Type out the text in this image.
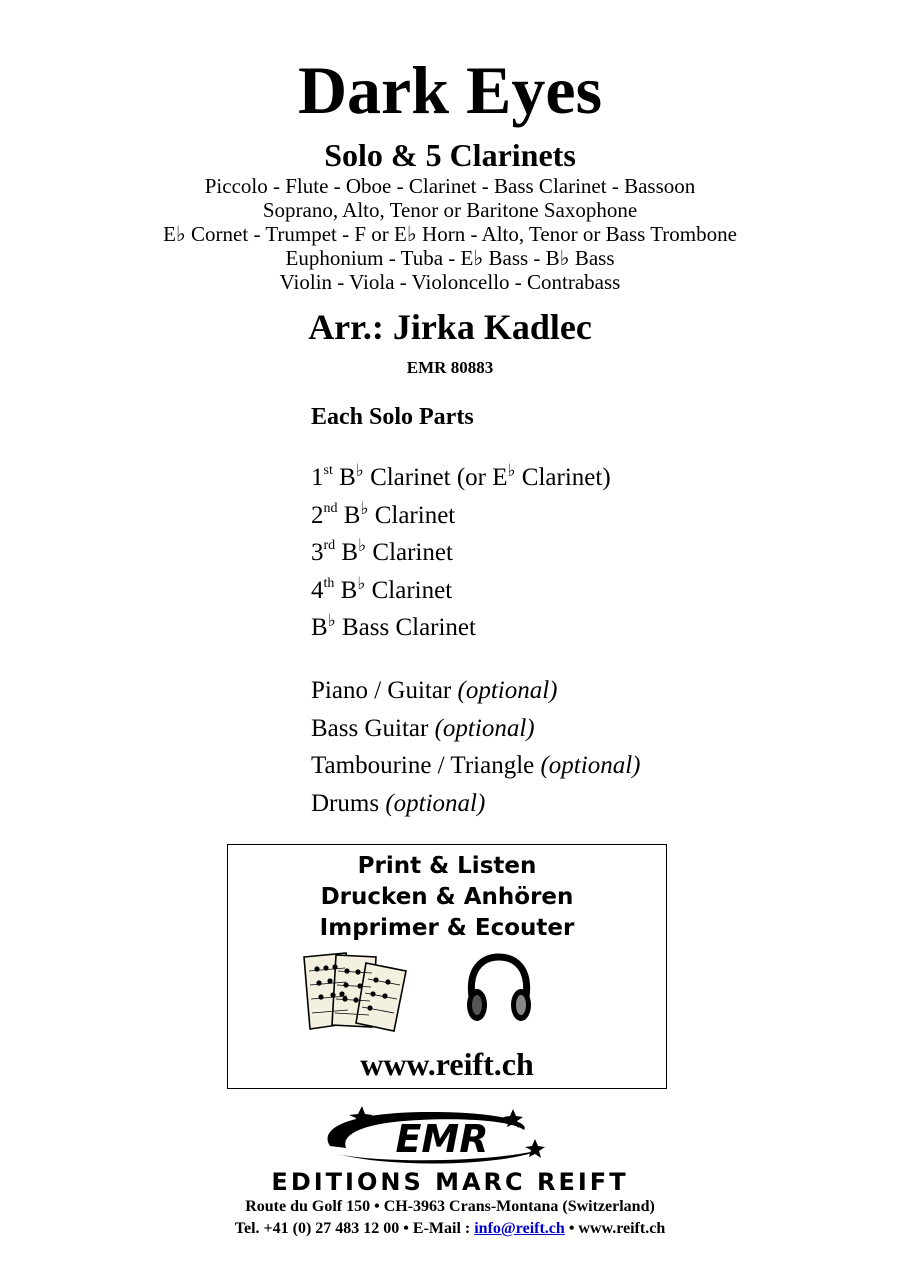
Dark Eyes
Solo & 5 Clarinets
Piccolo - Flute - Oboe - Clarinet - Bass Clarinet - Bassoon
Soprano, Alto, Tenor or Baritone Saxophone
E♭ Cornet - Trumpet - F or E♭ Horn - Alto, Tenor or Bass Trombone
Euphonium - Tuba - E♭ Bass - B♭ Bass
Violin - Viola - Violoncello - Contrabass
Arr.: Jirka Kadlec
EMR 80883
Each Solo Parts
1st B♭ Clarinet (or E♭ Clarinet)
2nd B♭ Clarinet
3rd B♭ Clarinet
4th B♭ Clarinet
B♭ Bass Clarinet
Piano / Guitar (optional)
Bass Guitar (optional)
Tambourine / Triangle (optional)
Drums (optional)
Print & Listen
Drucken & Anhören
Imprimer & Ecouter
www.reift.ch
EMR
EDITIONS MARC REIFT
Route du Golf 150 • CH-3963 Crans-Montana (Switzerland)
Tel. +41 (0) 27 483 12 00 • E-Mail : info@reift.ch • www.reift.ch
